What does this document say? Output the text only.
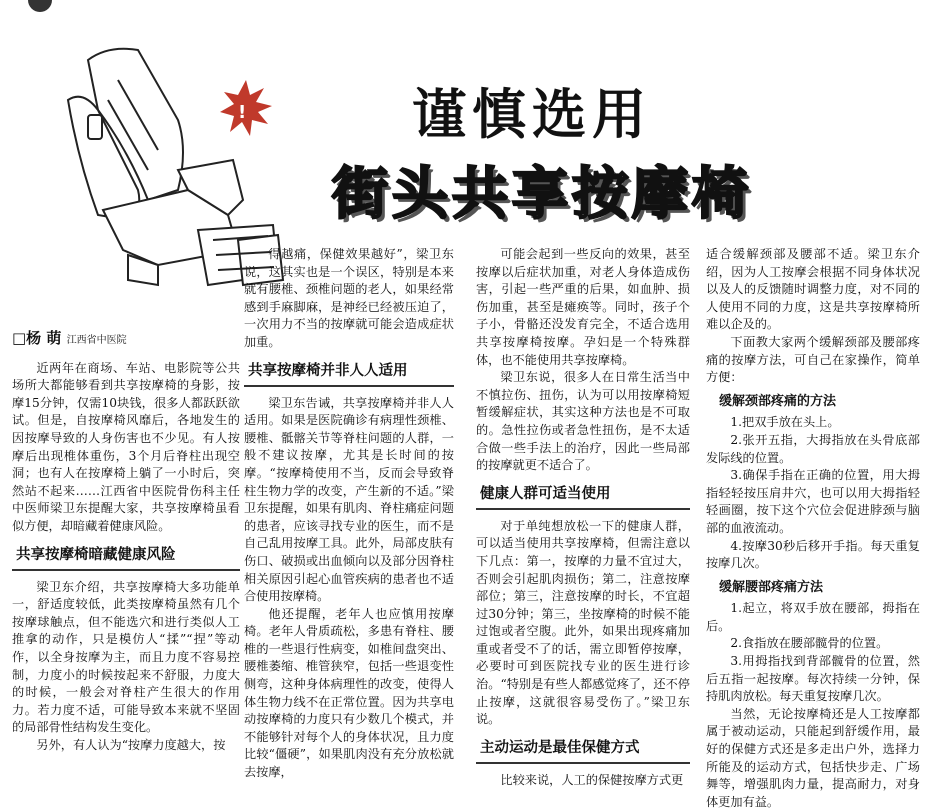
!	谨慎选用
街头共享按摩椅
□杨 萌 江西省中医院

近两年在商场、车站、电影院等公共场所大都能够看到共享按摩椅的身影，按摩15分钟，仅需10块钱，很多人都跃跃欲试。但是，自按摩椅风靡后，各地发生的因按摩导致的人身伤害也不少见。有人按摩后出现椎体重伤，3个月后脊柱出现空洞；也有人在按摩椅上躺了一小时后，突然站不起来……江西省中医院骨伤科主任中医师梁卫东提醒大家，共享按摩椅虽看似方便，却暗藏着健康风险。

共享按摩椅暗藏健康风险

梁卫东介绍，共享按摩椅大多功能单一，舒适度较低，此类按摩椅虽然有几个按摩球触点，但不能选穴和进行类似人工推拿的动作，只是模仿人“揉”“捏”等动作，以全身按摩为主，而且力度不容易控制，力度小的时候按起来不舒服，力度大的时候，一般会对脊柱产生很大的作用力。若力度不适，可能导致本来就不坚固的局部骨性结构发生变化。

另外，有人认为“按摩力度越大，按

得越痛，保健效果越好”，梁卫东说，这其实也是一个误区，特别是本来就有腰椎、颈椎问题的老人，如果经常感到手麻脚麻，是神经已经被压迫了，一次用力不当的按摩就可能会造成症状加重。

共享按摩椅并非人人适用

梁卫东告诫，共享按摩椅并非人人适用。如果是医院确诊有病理性颈椎、腰椎、骶髂关节等脊柱问题的人群，一般不建议按摩，尤其是长时间的按摩。“按摩椅使用不当，反而会导致脊柱生物力学的改变，产生新的不适。”梁卫东提醒，如果有肌肉、脊柱痛症问题的患者，应该寻找专业的医生，而不是自己乱用按摩工具。此外，局部皮肤有伤口、破损或出血倾向以及部分因脊柱相关原因引起心血管疾病的患者也不适合使用按摩椅。

他还提醒，老年人也应慎用按摩椅。老年人骨质疏松，多患有脊柱、腰椎的一些退行性病变，如椎间盘突出、腰椎萎缩、椎管狭窄，包括一些退变性侧弯，这种身体病理性的改变，使得人体生物力线不在正常位置。因为共享电动按摩椅的力度只有少数几个模式，并不能够针对每个人的身体状况，且力度比较“僵硬”，如果肌肉没有充分放松就去按摩，

可能会起到一些反向的效果，甚至按摩以后症状加重，对老人身体造成伤害，引起一些严重的后果，如血肿、损伤加重，甚至是瘫痪等。同时，孩子个子小，骨骼还没发育完全，不适合选用共享按摩椅按摩。孕妇是一个特殊群体，也不能使用共享按摩椅。

梁卫东说，很多人在日常生活当中不慎拉伤、扭伤，认为可以用按摩椅短暂缓解症状，其实这种方法也是不可取的。急性拉伤或者急性扭伤，是不太适合做一些手法上的治疗，因此一些局部的按摩就更不适合了。

健康人群可适当使用

对于单纯想放松一下的健康人群，可以适当使用共享按摩椅，但需注意以下几点：第一，按摩的力量不宜过大，否则会引起肌肉损伤；第二，注意按摩部位；第三，注意按摩的时长，不宜超过30分钟；第三，坐按摩椅的时候不能过饱或者空腹。此外，如果出现疼痛加重或者受不了的话，需立即暂停按摩，必要时可到医院找专业的医生进行诊治。“特别是有些人都感觉疼了，还不停止按摩，这就很容易受伤了。”梁卫东说。

主动运动是最佳保健方式

比较来说，人工的保健按摩方式更

适合缓解颈部及腰部不适。梁卫东介绍，因为人工按摩会根据不同身体状况以及人的反馈随时调整力度，对不同的人使用不同的力度，这是共享按摩椅所难以企及的。

下面教大家两个缓解颈部及腰部疼痛的按摩方法，可自己在家操作，简单方便：

缓解颈部疼痛的方法

1.把双手放在头上。

2.张开五指，大拇指放在头骨底部发际线的位置。

3.确保手指在正确的位置，用大拇指轻轻按压肩井穴，也可以用大拇指轻轻画圈，按下这个穴位会促进脖颈与脑部的血液流动。

4.按摩30秒后移开手指。每天重复按摩几次。

缓解腰部疼痛方法

1.起立，将双手放在腰部，拇指在后。

2.食指放在腰部髋骨的位置。

3.用拇指找到背部髋骨的位置，然后五指一起按摩。每次持续一分钟，保持肌肉放松。每天重复按摩几次。

当然，无论按摩椅还是人工按摩都属于被动运动，只能起到舒缓作用，最好的保健方式还是多走出户外，选择力所能及的运动方式，包括快步走、广场舞等，增强肌肉力量，提高耐力，对身体更加有益。
